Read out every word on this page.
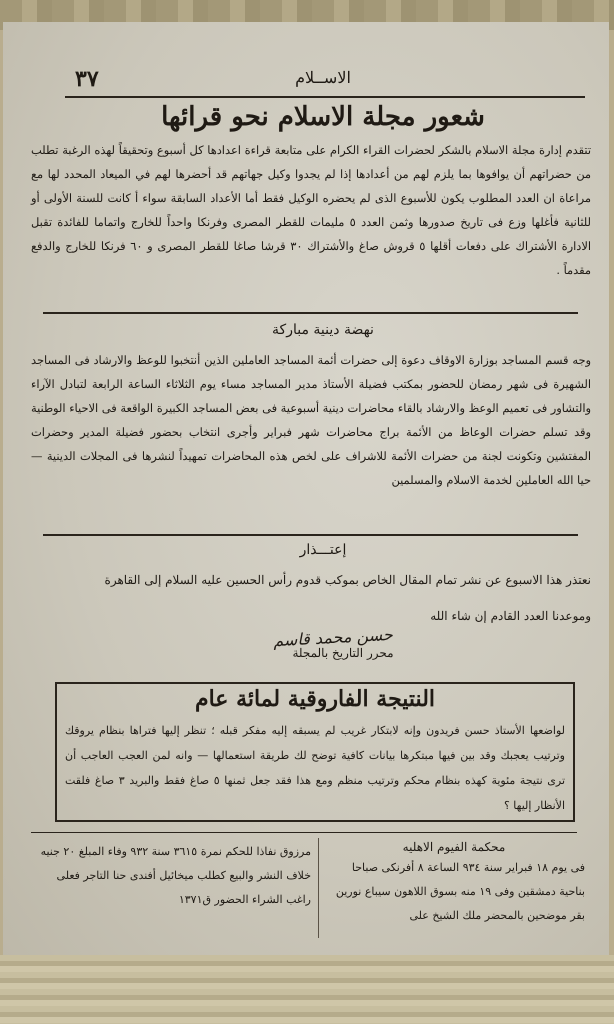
٣٧	الاســلام
شعور مجلة الاسلام نحو قرائها
تتقدم إدارة مجلة الاسلام بالشكر لحضرات القراء الكرام على متابعة قراءة اعدادها كل أسبوع وتحقيقاً لهذه الرغبة تطلب من حضراتهم أن يوافوها بما يلزم لهم من أعدادها إذا لم يجدوا وكيل جهاتهم قد أحضرها لهم في الميعاد المحدد لها مع مراعاة ان العدد المطلوب يكون للأسبوع الذى لم يحضره الوكيل فقط أما الأعداد السابقة سواء أ كانت للسنة الأولى أو للثانية فأغلها وزع فى تاريخ صدورها وثمن العدد ٥ مليمات للقطر المصرى وفرنكا واحداً للخارج واتماما للفائدة تقبل الادارة الأشتراك على دفعات أقلها ٥ قروش صاغ والأشتراك ٣٠ قرشا صاغا للقطر المصرى و ٦٠ فرنكا للخارج والدفع مقدماً .
نهضة دينية مباركة
وجه قسم المساجد بوزارة الاوقاف دعوة إلى حضرات أئمة المساجد العاملين الذين أنتخبوا للوعظ والارشاد فى المساجد الشهيرة فى شهر رمضان للحضور بمكتب فضيلة الأستاذ مدير المساجد مساء يوم الثلاثاء الساعة الرابعة لتبادل الآراء والتشاور فى تعميم الوعظ والارشاد بالقاء محاضرات دينية أسبوعية فى بعض المساجد الكبيرة الواقعة فى الاحياء الوطنية وقد تسلم حضرات الوعاظ من الأئمة براج محاضرات شهر فبراير وأجرى انتخاب بحضور فضيلة المدير وحضرات المفتشين وتكونت لجنة من حضرات الأئمة للاشراف على لخص هذه المحاضرات تمهيداً لنشرها فى المجلات الدينية — حيا الله العاملين لخدمة الاسلام والمسلمين
إعتـــذار
نعتذر هذا الاسبوع عن نشر تمام المقال الخاص بموكب قدوم رأس الحسين عليه السلام إلى القاهرة
وموعدنا العدد القادم إن شاء الله
حسن محمد قاسم
محرر التاريخ بالمجلة
النتيجة الفاروقية لمائة عام
لواضعها الأستاذ حسن فريدون وإنه لابتكار غريب لم يسبقه إليه مفكر قبله ؛ تنظر إليها فتراها بنظام يروقك وترتيب يعجبك وقد بين فيها مبتكرها بيانات كافية توضح لك طريقة استعمالها — وانه لمن العجب العاجب أن ترى نتيجة مئوية كهذه بنظام محكم وترتيب منظم ومع هذا فقد جعل ثمنها ٥ صاغ فقط والبريد ٣ صاغ فلقت الأنظار إليها ؟
محكمة الفيوم الاهليه
فى يوم ١٨ فبراير سنة ٩٣٤ الساعة ٨ أفرنكى صباحا بناحية دمشقين وفى ١٩ منه بسوق اللاهون سيباع نورين بقر موضحين بالمحضر ملك الشيخ على
مرزوق نفاذا للحكم نمرة ٣٦١٥ سنة ٩٣٢ وفاء المبلغ ٢٠ جنيه خلاف النشر والبيع كطلب ميخائيل أفندى حنا التاجر فعلى راغب الشراء الحضور ق١٣٧١
